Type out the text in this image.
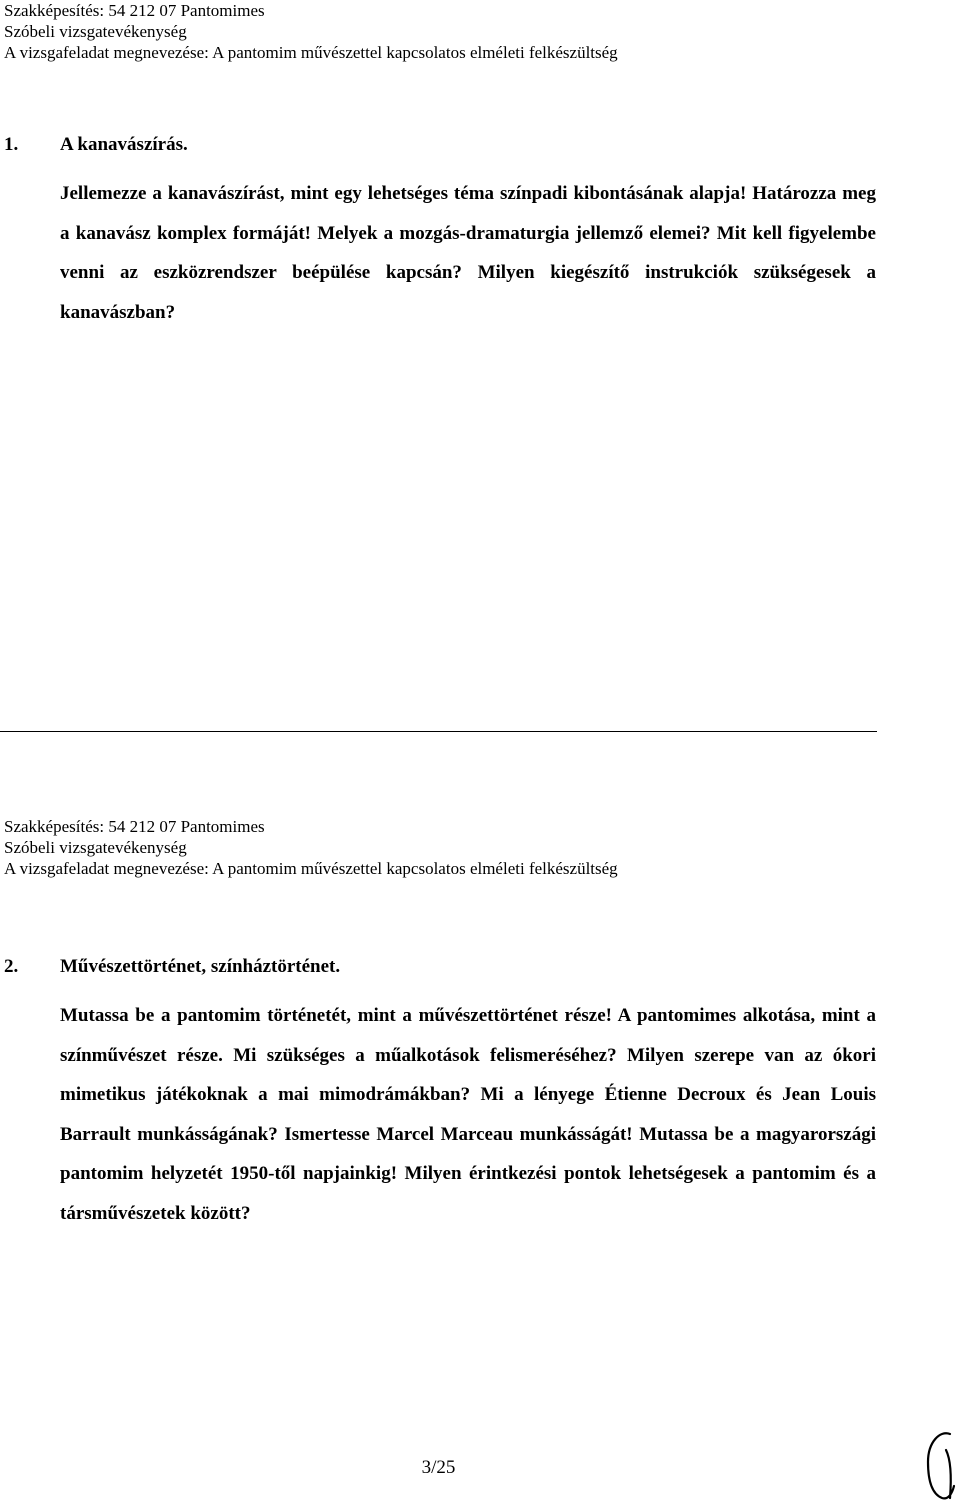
Szakképesítés: 54 212 07 Pantomimes
Szóbeli vizsgatevékenység
A vizsgafeladat megnevezése: A pantomim művészettel kapcsolatos elméleti felkészültség
1. A kanavászírás.
Jellemezze a kanavászírást, mint egy lehetséges téma színpadi kibontásának alapja! Határozza meg a kanavász komplex formáját! Melyek a mozgás-dramaturgia jellemző elemei? Mit kell figyelembe venni az eszközrendszer beépülése kapcsán? Milyen kiegészítő instrukciók szükségesek a kanavászban?
Szakképesítés: 54 212 07 Pantomimes
Szóbeli vizsgatevékenység
A vizsgafeladat megnevezése: A pantomim művészettel kapcsolatos elméleti felkészültség
2. Művészettörténet, színháztörténet.
Mutassa be a pantomim történetét, mint a művészettörténet része! A pantomimes alkotása, mint a színművészet része. Mi szükséges a műalkotások felismeréséhez? Milyen szerepe van az ókori mimetikus játékoknak a mai mimodrámákban? Mi a lényege Étienne Decroux és Jean Louis Barrault munkásságának? Ismertesse Marcel Marceau munkásságát! Mutassa be a magyarországi pantomim helyzetét 1950-től napjainkig! Milyen érintkezési pontok lehetségesek a pantomim és a társművészetek között?
3/25
